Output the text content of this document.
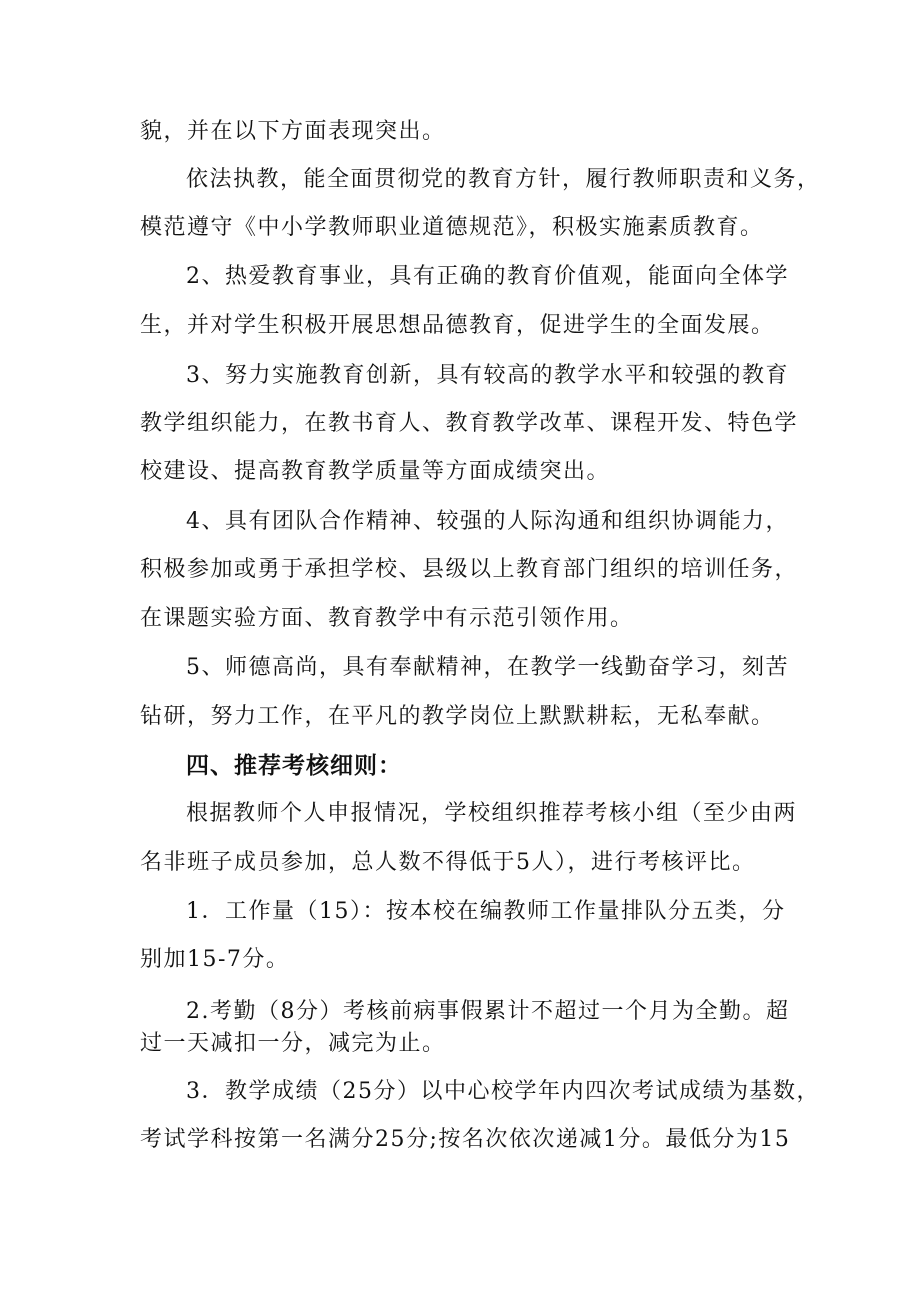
貌，并在以下方面表现突出。
依法执教，能全面贯彻党的教育方针，履行教师职责和义务，
模范遵守《中小学教师职业道德规范》，积极实施素质教育。
2、热爱教育事业，具有正确的教育价值观，能面向全体学
生，并对学生积极开展思想品德教育，促进学生的全面发展。
3、努力实施教育创新，具有较高的教学水平和较强的教育
教学组织能力，在教书育人、教育教学改革、课程开发、特色学
校建设、提高教育教学质量等方面成绩突出。
4、具有团队合作精神、较强的人际沟通和组织协调能力，
积极参加或勇于承担学校、县级以上教育部门组织的培训任务，
在课题实验方面、教育教学中有示范引领作用。
5、师德高尚，具有奉献精神，在教学一线勤奋学习，刻苦
钻研，努力工作，在平凡的教学岗位上默默耕耘，无私奉献。
四、推荐考核细则：
根据教师个人申报情况，学校组织推荐考核小组（至少由两
名非班子成员参加，总人数不得低于5人），进行考核评比。
1．工作量（15）：按本校在编教师工作量排队分五类，分
别加15-7分。
2.考勤（8分）考核前病事假累计不超过一个月为全勤。超
过一天减扣一分，减完为止。
3．教学成绩（25分）以中心校学年内四次考试成绩为基数，
考试学科按第一名满分25分;按名次依次递减1分。最低分为15
